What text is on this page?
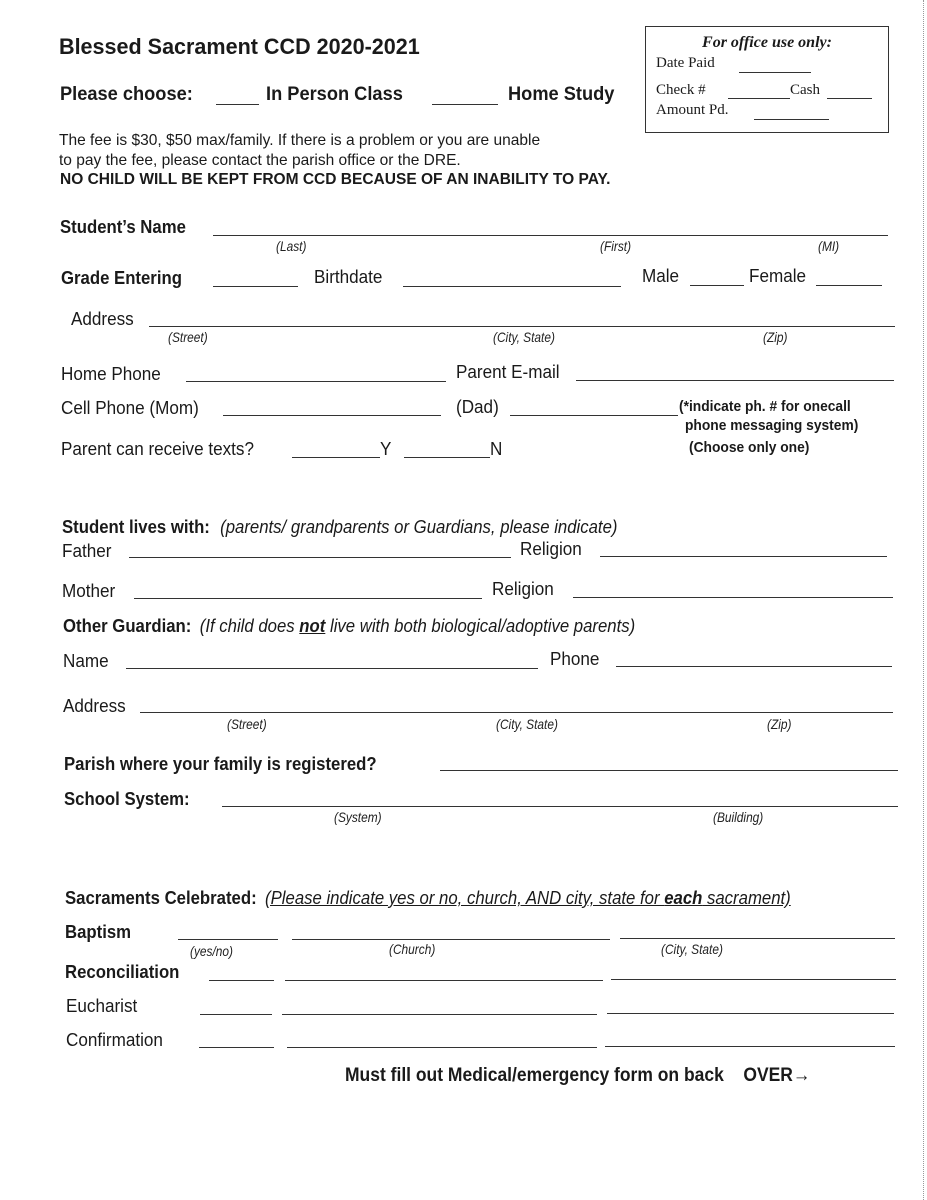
Blessed Sacrament CCD 2020-2021
Please choose:	In Person Class	Home Study
For office use only:
Date Paid
Check #	Cash
Amount Pd.
The fee is $30, $50 max/family. If there is a problem or you are unable
to pay the fee, please contact the parish office or the DRE.
NO CHILD WILL BE KEPT FROM CCD BECAUSE OF AN INABILITY TO PAY.
Student’s Name
(Last)	(First)	(MI)
Grade Entering	Birthdate	Male	Female
Address
(Street)	(City, State)	(Zip)
Home Phone	Parent E-mail
Cell Phone (Mom)	(Dad)	(*indicate ph. # for onecall
phone messaging system)
Parent can receive texts?	Y	N	(Choose only one)
Student lives with: (parents/ grandparents or Guardians, please indicate)
Father	Religion
Mother	Religion
Other Guardian: (If child does not live with both biological/adoptive parents)
Name	Phone
Address
(Street)	(City, State)	(Zip)
Parish where your family is registered?
School System:
(System)	(Building)
Sacraments Celebrated: (Please indicate yes or no, church, AND city, state for each sacrament)
Baptism
(yes/no)	(Church)	(City, State)
Reconciliation
Eucharist
Confirmation
Must fill out Medical/emergency form on back OVER→
